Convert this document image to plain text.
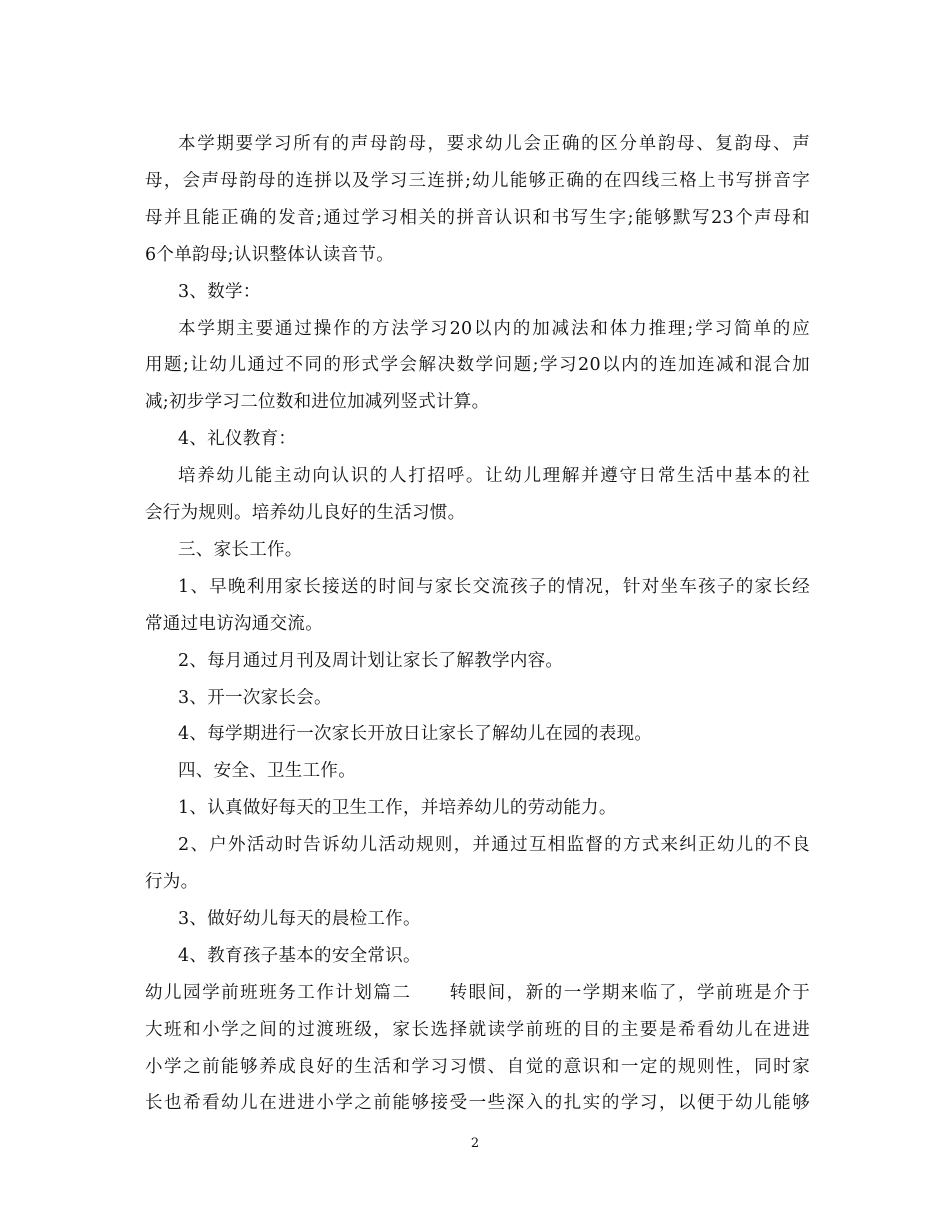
本学期要学习所有的声母韵母，要求幼儿会正确的区分单韵母、复韵母、声
母，会声母韵母的连拼以及学习三连拼;幼儿能够正确的在四线三格上书写拼音字
母并且能正确的发音;通过学习相关的拼音认识和书写生字;能够默写23个声母和
6个单韵母;认识整体认读音节。
3、数学：
本学期主要通过操作的方法学习20以内的加减法和体力推理;学习简单的应
用题;让幼儿通过不同的形式学会解决数学问题;学习20以内的连加连减和混合加
减;初步学习二位数和进位加减列竖式计算。
4、礼仪教育：
培养幼儿能主动向认识的人打招呼。让幼儿理解并遵守日常生活中基本的社
会行为规则。培养幼儿良好的生活习惯。
三、家长工作。
1、早晚利用家长接送的时间与家长交流孩子的情况，针对坐车孩子的家长经
常通过电访沟通交流。
2、每月通过月刊及周计划让家长了解教学内容。
3、开一次家长会。
4、每学期进行一次家长开放日让家长了解幼儿在园的表现。
四、安全、卫生工作。
1、认真做好每天的卫生工作，并培养幼儿的劳动能力。
2、户外活动时告诉幼儿活动规则，并通过互相监督的方式来纠正幼儿的不良
行为。
3、做好幼儿每天的晨检工作。
4、教育孩子基本的安全常识。
幼儿园学前班班务工作计划篇二　　转眼间，新的一学期来临了，学前班是介于
大班和小学之间的过渡班级，家长选择就读学前班的目的主要是希看幼儿在进进
小学之前能够养成良好的生活和学习习惯、自觉的意识和一定的规则性，同时家
长也希看幼儿在进进小学之前能够接受一些深入的扎实的学习，以便于幼儿能够
2
